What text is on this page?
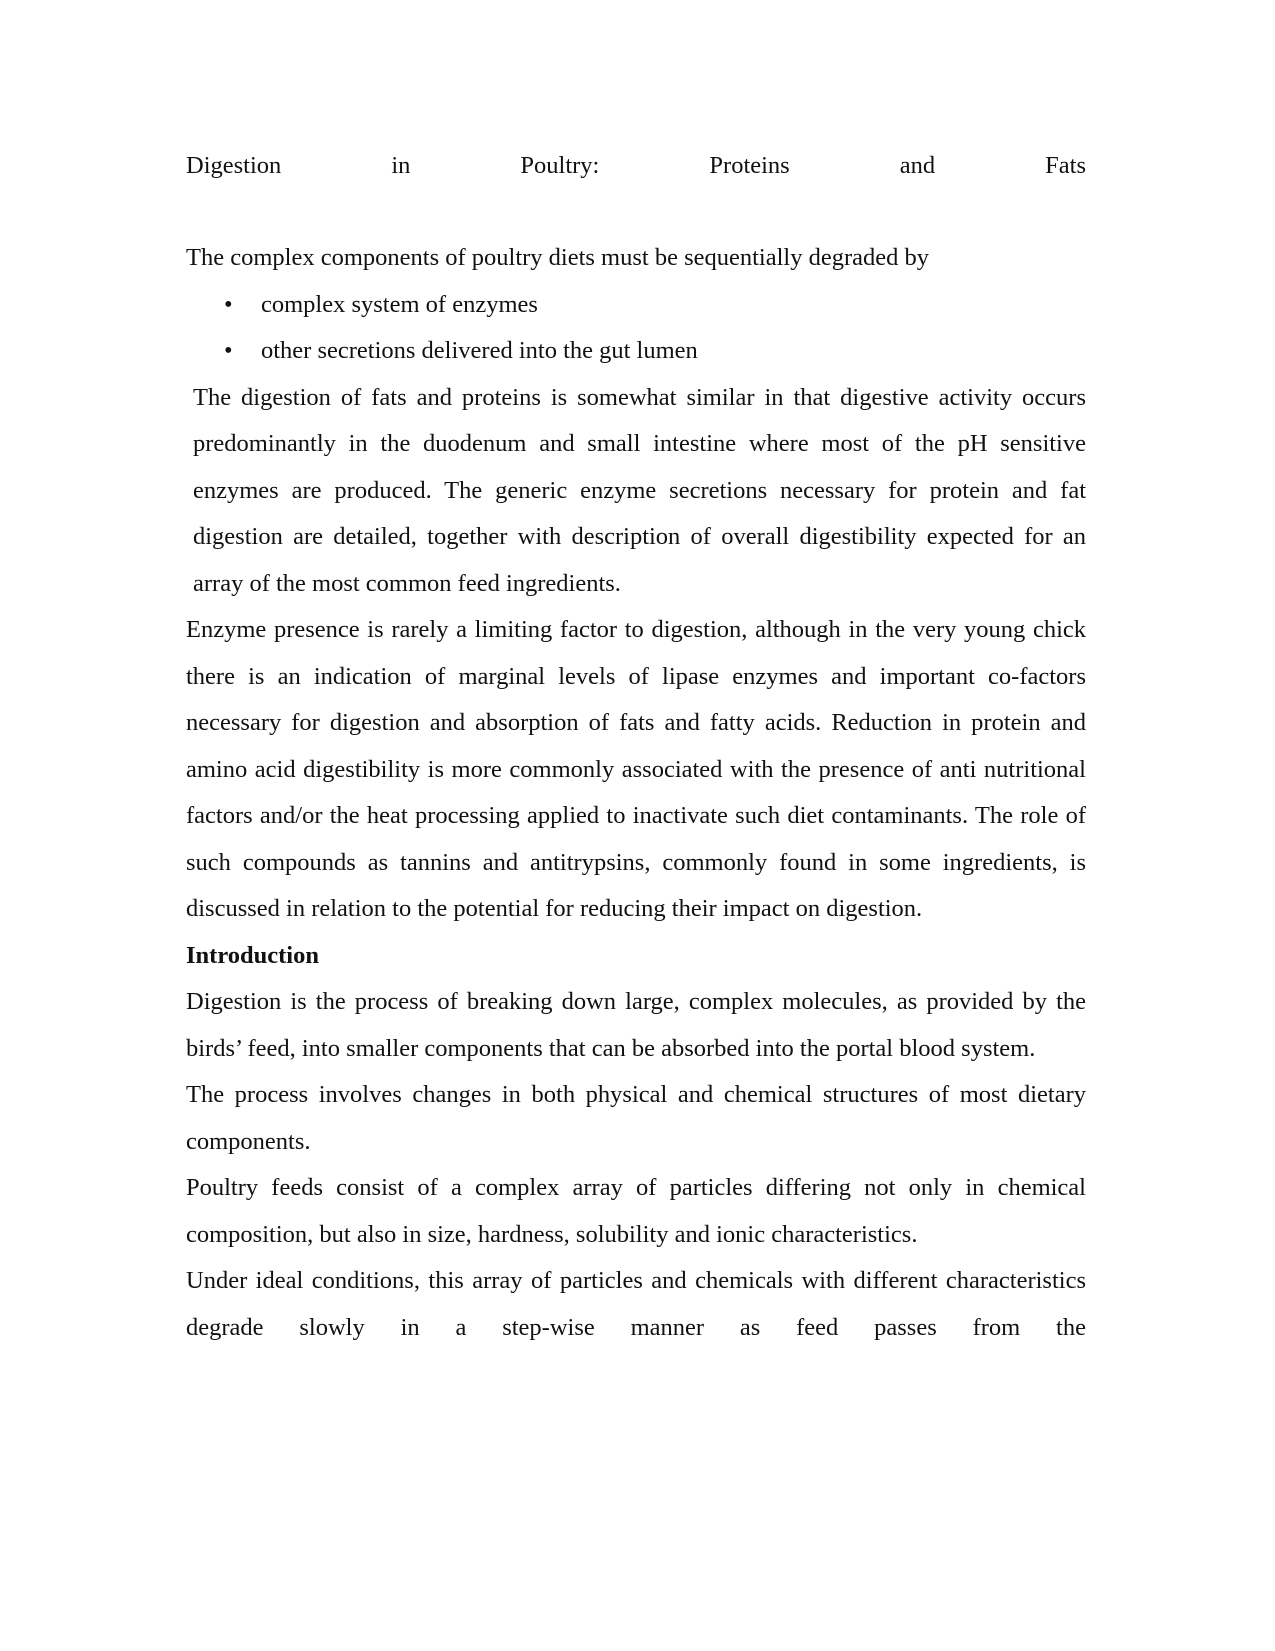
Digestion	in	Poultry:	Proteins	and	Fats

The complex components of poultry diets must be sequentially degraded by

• complex system of enzymes
• other secretions delivered into the gut lumen

The digestion of fats and proteins is somewhat similar in that digestive activity occurs predominantly in the duodenum and small intestine where most of the pH sensitive enzymes are produced. The generic enzyme secretions necessary for protein and fat digestion are detailed, together with description of overall digestibility expected for an array of the most common feed ingredients.

Enzyme presence is rarely a limiting factor to digestion, although in the very young chick there is an indication of marginal levels of lipase enzymes and important co-factors necessary for digestion and absorption of fats and fatty acids. Reduction in protein and amino acid digestibility is more commonly associated with the presence of anti nutritional factors and/or the heat processing applied to inactivate such diet contaminants. The role of such compounds as tannins and antitrypsins, commonly found in some ingredients, is discussed in relation to the potential for reducing their impact on digestion.

Introduction

Digestion is the process of breaking down large, complex molecules, as provided by the birds’ feed, into smaller components that can be absorbed into the portal blood system.

The process involves changes in both physical and chemical structures of most dietary components.

Poultry feeds consist of a complex array of particles differing not only in chemical composition, but also in size, hardness, solubility and ionic characteristics.

Under ideal conditions, this array of particles and chemicals with different characteristics degrade slowly in a step-wise manner as feed passes from the
